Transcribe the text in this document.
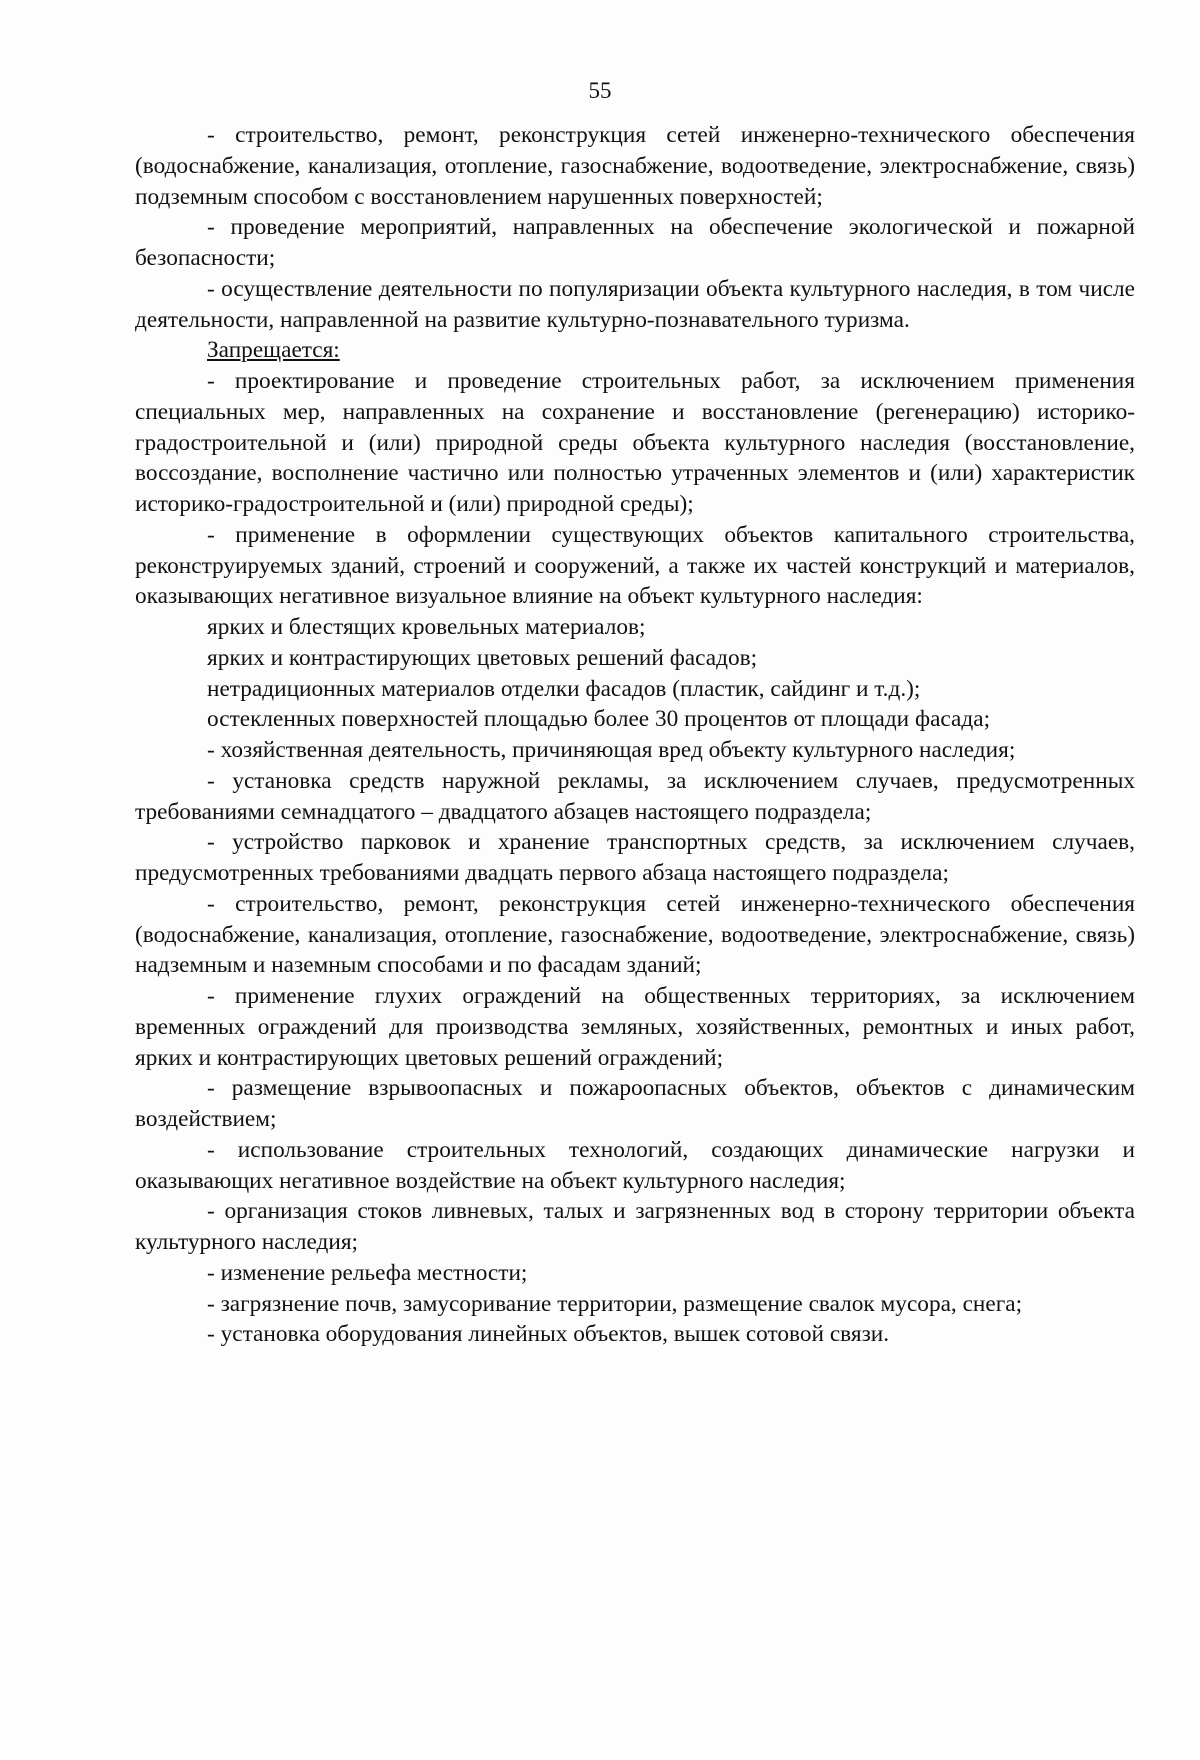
55

- строительство, ремонт, реконструкция сетей инженерно-технического обеспечения (водоснабжение, канализация, отопление, газоснабжение, водоотведение, электроснабжение, связь) подземным способом с восстановлением нарушенных поверхностей;

- проведение мероприятий, направленных на обеспечение экологической и пожарной безопасности;

- осуществление деятельности по популяризации объекта культурного наследия, в том числе деятельности, направленной на развитие культурно-познавательного туризма.

Запрещается:

- проектирование и проведение строительных работ, за исключением применения специальных мер, направленных на сохранение и восстановление (регенерацию) историко-градостроительной и (или) природной среды объекта культурного наследия (восстановление, воссоздание, восполнение частично или полностью утраченных элементов и (или) характеристик историко-градостроительной и (или) природной среды);

- применение в оформлении существующих объектов капитального строительства, реконструируемых зданий, строений и сооружений, а также их частей конструкций и материалов, оказывающих негативное визуальное влияние на объект культурного наследия:

ярких и блестящих кровельных материалов;

ярких и контрастирующих цветовых решений фасадов;

нетрадиционных материалов отделки фасадов (пластик, сайдинг и т.д.);

остекленных поверхностей площадью более 30 процентов от площади фасада;

- хозяйственная деятельность, причиняющая вред объекту культурного наследия;

- установка средств наружной рекламы, за исключением случаев, предусмотренных требованиями семнадцатого – двадцатого абзацев настоящего подраздела;

- устройство парковок и хранение транспортных средств, за исключением случаев, предусмотренных требованиями двадцать первого абзаца настоящего подраздела;

- строительство, ремонт, реконструкция сетей инженерно-технического обеспечения (водоснабжение, канализация, отопление, газоснабжение, водоотведение, электроснабжение, связь) надземным и наземным способами и по фасадам зданий;

- применение глухих ограждений на общественных территориях, за исключением временных ограждений для производства земляных, хозяйственных, ремонтных и иных работ, ярких и контрастирующих цветовых решений ограждений;

- размещение взрывоопасных и пожароопасных объектов, объектов с динамическим воздействием;

- использование строительных технологий, создающих динамические нагрузки и оказывающих негативное воздействие на объект культурного наследия;

- организация стоков ливневых, талых и загрязненных вод в сторону территории объекта культурного наследия;

- изменение рельефа местности;

- загрязнение почв, замусоривание территории, размещение свалок мусора, снега;

- установка оборудования линейных объектов, вышек сотовой связи.
